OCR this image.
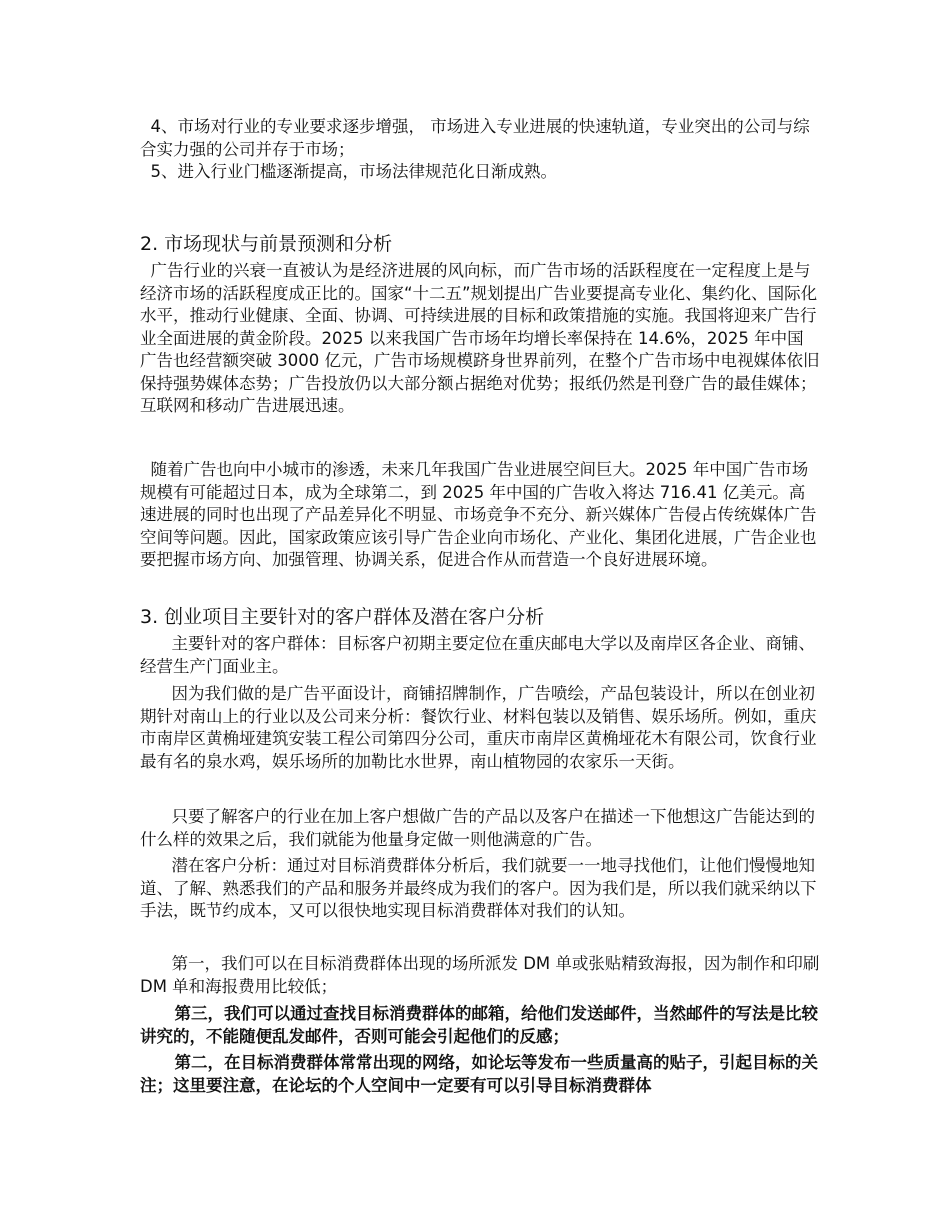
4、市场对行业的专业要求逐步增强， 市场进入专业进展的快速轨道，专业突出的公司与综合实力强的公司并存于市场；

5、进入行业门槛逐渐提高，市场法律规范化日渐成熟。

2. 市场现状与前景预测和分析

广告行业的兴衰一直被认为是经济进展的风向标，而广告市场的活跃程度在一定程度上是与经济市场的活跃程度成正比的。国家“十二五”规划提出广告业要提高专业化、集约化、国际化水平，推动行业健康、全面、协调、可持续进展的目标和政策措施的实施。我国将迎来广告行业全面进展的黄金阶段。2025 以来我国广告市场年均增长率保持在 14.6%，2025 年中国广告也经营额突破 3000 亿元，广告市场规模跻身世界前列，在整个广告市场中电视媒体依旧保持强势媒体态势；广告投放仍以大部分额占据绝对优势；报纸仍然是刊登广告的最佳媒体；互联网和移动广告进展迅速。

随着广告也向中小城市的渗透，未来几年我国广告业进展空间巨大。2025 年中国广告市场规模有可能超过日本，成为全球第二，到 2025 年中国的广告收入将达 716.41 亿美元。高速进展的同时也出现了产品差异化不明显、市场竞争不充分、新兴媒体广告侵占传统媒体广告空间等问题。因此，国家政策应该引导广告企业向市场化、产业化、集团化进展，广告企业也要把握市场方向、加强管理、协调关系，促进合作从而营造一个良好进展环境。

3. 创业项目主要针对的客户群体及潜在客户分析

主要针对的客户群体：目标客户初期主要定位在重庆邮电大学以及南岸区各企业、商铺、经营生产门面业主。

因为我们做的是广告平面设计，商铺招牌制作，广告喷绘，产品包装设计，所以在创业初期针对南山上的行业以及公司来分析：餐饮行业、材料包装以及销售、娱乐场所。例如，重庆市南岸区黄桷垭建筑安装工程公司第四分公司，重庆市南岸区黄桷垭花木有限公司，饮食行业最有名的泉水鸡，娱乐场所的加勒比水世界，南山植物园的农家乐一天街。

只要了解客户的行业在加上客户想做广告的产品以及客户在描述一下他想这广告能达到的什么样的效果之后，我们就能为他量身定做一则他满意的广告。

潜在客户分析：通过对目标消费群体分析后，我们就要一一地寻找他们，让他们慢慢地知道、了解、熟悉我们的产品和服务并最终成为我们的客户。因为我们是，所以我们就采纳以下手法，既节约成本，又可以很快地实现目标消费群体对我们的认知。

第一，我们可以在目标消费群体出现的场所派发 DM 单或张贴精致海报，因为制作和印刷 DM 单和海报费用比较低；

第三，我们可以通过查找目标消费群体的邮箱，给他们发送邮件，当然邮件的写法是比较讲究的，不能随便乱发邮件，否则可能会引起他们的反感；

第二，在目标消费群体常常出现的网络，如论坛等发布一些质量高的贴子，引起目标的关注；这里要注意，在论坛的个人空间中一定要有可以引导目标消费群体
